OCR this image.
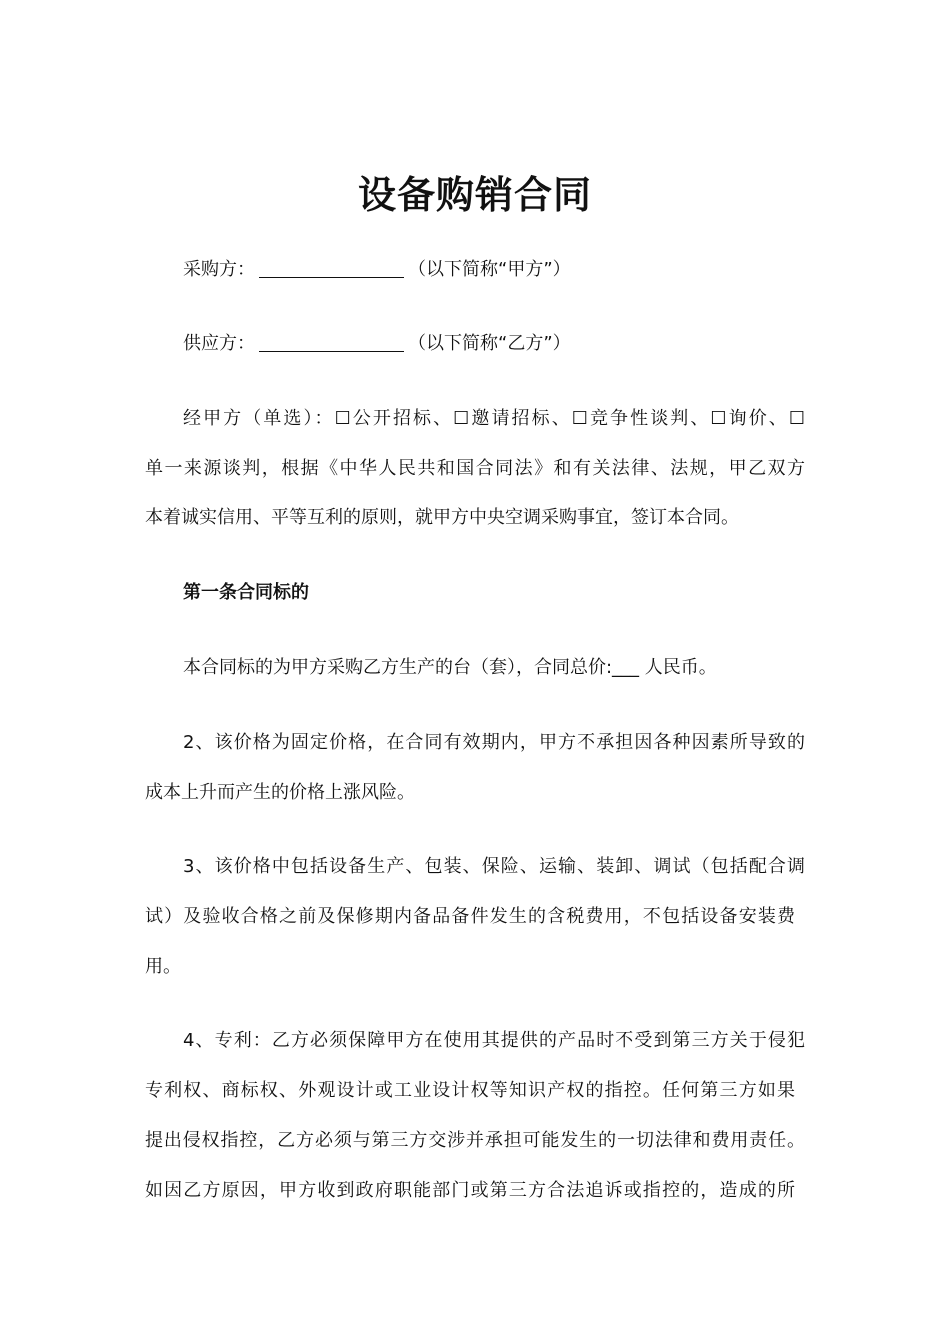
设备购销合同
采购方：	（以下简称“甲方”）
供应方：	（以下简称“乙方”）
经甲方（单选）：☐公开招标、☐邀请招标、☐竞争性谈判、☐询价、☐
单一来源谈判，根据《中华人民共和国合同法》和有关法律、法规，甲乙双方
本着诚实信用、平等互利的原则，就甲方中央空调采购事宜，签订本合同。
第一条合同标的
本合同标的为甲方采购乙方生产的台（套），合同总价:___ 人民币。
2、该价格为固定价格，在合同有效期内，甲方不承担因各种因素所导致的
成本上升而产生的价格上涨风险。
3、该价格中包括设备生产、包装、保险、运输、装卸、调试（包括配合调
试）及验收合格之前及保修期内备品备件发生的含税费用，不包括设备安装费
用。
4、专利：乙方必须保障甲方在使用其提供的产品时不受到第三方关于侵犯
专利权、商标权、外观设计或工业设计权等知识产权的指控。任何第三方如果
提出侵权指控，乙方必须与第三方交涉并承担可能发生的一切法律和费用责任。
如因乙方原因，甲方收到政府职能部门或第三方合法追诉或指控的，造成的所
